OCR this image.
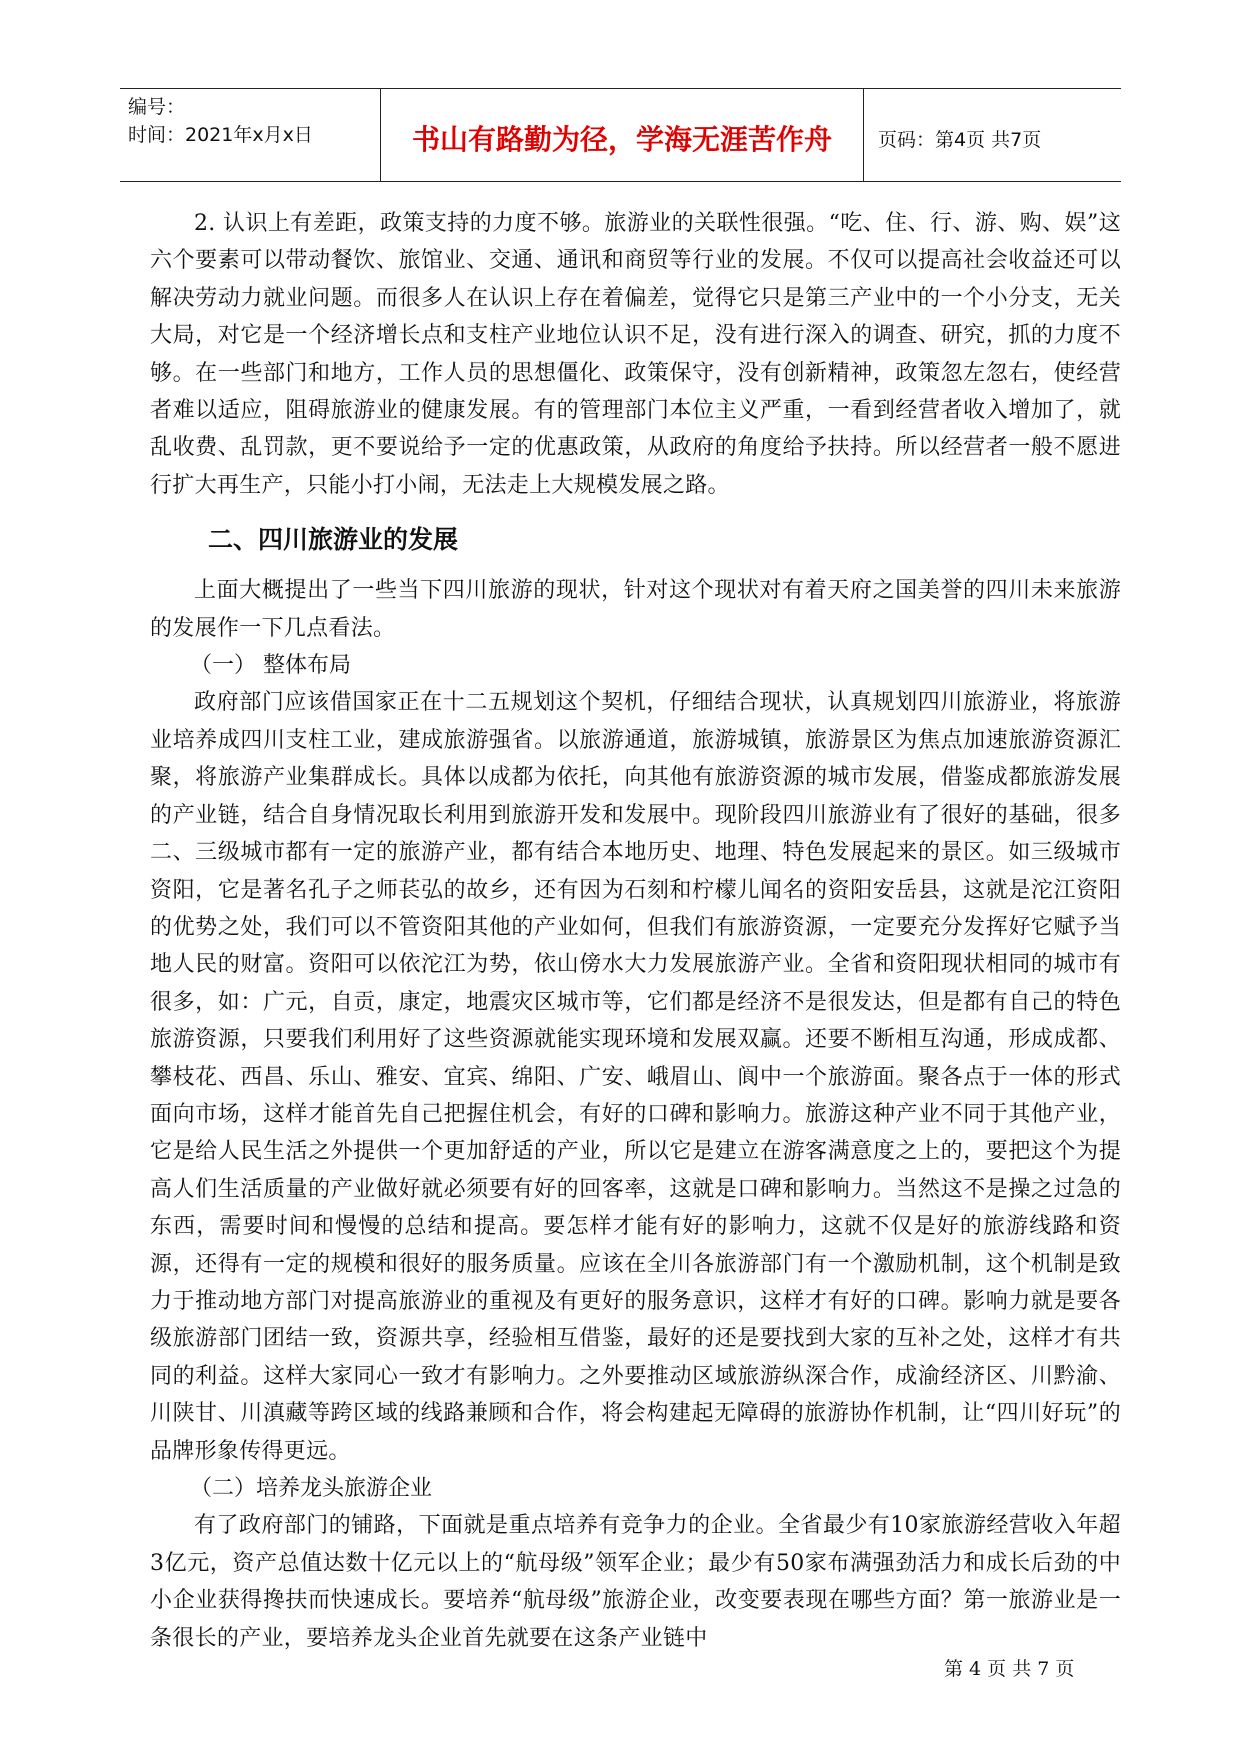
编号：
时间：2021年x月x日	书山有路勤为径，学海无涯苦作舟	页码：第4页 共7页

2. 认识上有差距，政策支持的力度不够。旅游业的关联性很强。“吃、住、行、游、购、娱”这六个要素可以带动餐饮、旅馆业、交通、通讯和商贸等行业的发展。不仅可以提高社会收益还可以解决劳动力就业问题。而很多人在认识上存在着偏差，觉得它只是第三产业中的一个小分支，无关大局，对它是一个经济增长点和支柱产业地位认识不足，没有进行深入的调查、研究，抓的力度不够。在一些部门和地方，工作人员的思想僵化、政策保守，没有创新精神，政策忽左忽右，使经营者难以适应，阻碍旅游业的健康发展。有的管理部门本位主义严重，一看到经营者收入增加了，就乱收费、乱罚款，更不要说给予一定的优惠政策，从政府的角度给予扶持。所以经营者一般不愿进行扩大再生产，只能小打小闹，无法走上大规模发展之路。

二、四川旅游业的发展

上面大概提出了一些当下四川旅游的现状，针对这个现状对有着天府之国美誉的四川未来旅游的发展作一下几点看法。

（一） 整体布局

政府部门应该借国家正在十二五规划这个契机，仔细结合现状，认真规划四川旅游业，将旅游业培养成四川支柱工业，建成旅游强省。以旅游通道，旅游城镇，旅游景区为焦点加速旅游资源汇聚，将旅游产业集群成长。具体以成都为依托，向其他有旅游资源的城市发展，借鉴成都旅游发展的产业链，结合自身情况取长利用到旅游开发和发展中。现阶段四川旅游业有了很好的基础，很多二、三级城市都有一定的旅游产业，都有结合本地历史、地理、特色发展起来的景区。如三级城市资阳，它是著名孔子之师苌弘的故乡，还有因为石刻和柠檬儿闻名的资阳安岳县，这就是沱江资阳的优势之处，我们可以不管资阳其他的产业如何，但我们有旅游资源，一定要充分发挥好它赋予当地人民的财富。资阳可以依沱江为势，依山傍水大力发展旅游产业。全省和资阳现状相同的城市有很多，如：广元，自贡，康定，地震灾区城市等，它们都是经济不是很发达，但是都有自己的特色旅游资源，只要我们利用好了这些资源就能实现环境和发展双赢。还要不断相互沟通，形成成都、攀枝花、西昌、乐山、雅安、宜宾、绵阳、广安、峨眉山、阆中一个旅游面。聚各点于一体的形式面向市场，这样才能首先自己把握住机会，有好的口碑和影响力。旅游这种产业不同于其他产业，它是给人民生活之外提供一个更加舒适的产业，所以它是建立在游客满意度之上的，要把这个为提高人们生活质量的产业做好就必须要有好的回客率，这就是口碑和影响力。当然这不是操之过急的东西，需要时间和慢慢的总结和提高。要怎样才能有好的影响力，这就不仅是好的旅游线路和资源，还得有一定的规模和很好的服务质量。应该在全川各旅游部门有一个激励机制，这个机制是致力于推动地方部门对提高旅游业的重视及有更好的服务意识，这样才有好的口碑。影响力就是要各级旅游部门团结一致，资源共享，经验相互借鉴，最好的还是要找到大家的互补之处，这样才有共同的利益。这样大家同心一致才有影响力。之外要推动区域旅游纵深合作，成渝经济区、川黔渝、川陕甘、川滇藏等跨区域的线路兼顾和合作，将会构建起无障碍的旅游协作机制，让“四川好玩”的品牌形象传得更远。

（二）培养龙头旅游企业

有了政府部门的铺路，下面就是重点培养有竞争力的企业。全省最少有10家旅游经营收入年超3亿元，资产总值达数十亿元以上的“航母级”领军企业；最少有50家布满强劲活力和成长后劲的中小企业获得搀扶而快速成长。要培养“航母级”旅游企业，改变要表现在哪些方面？第一旅游业是一条很长的产业，要培养龙头企业首先就要在这条产业链中

第 4 页 共 7 页
